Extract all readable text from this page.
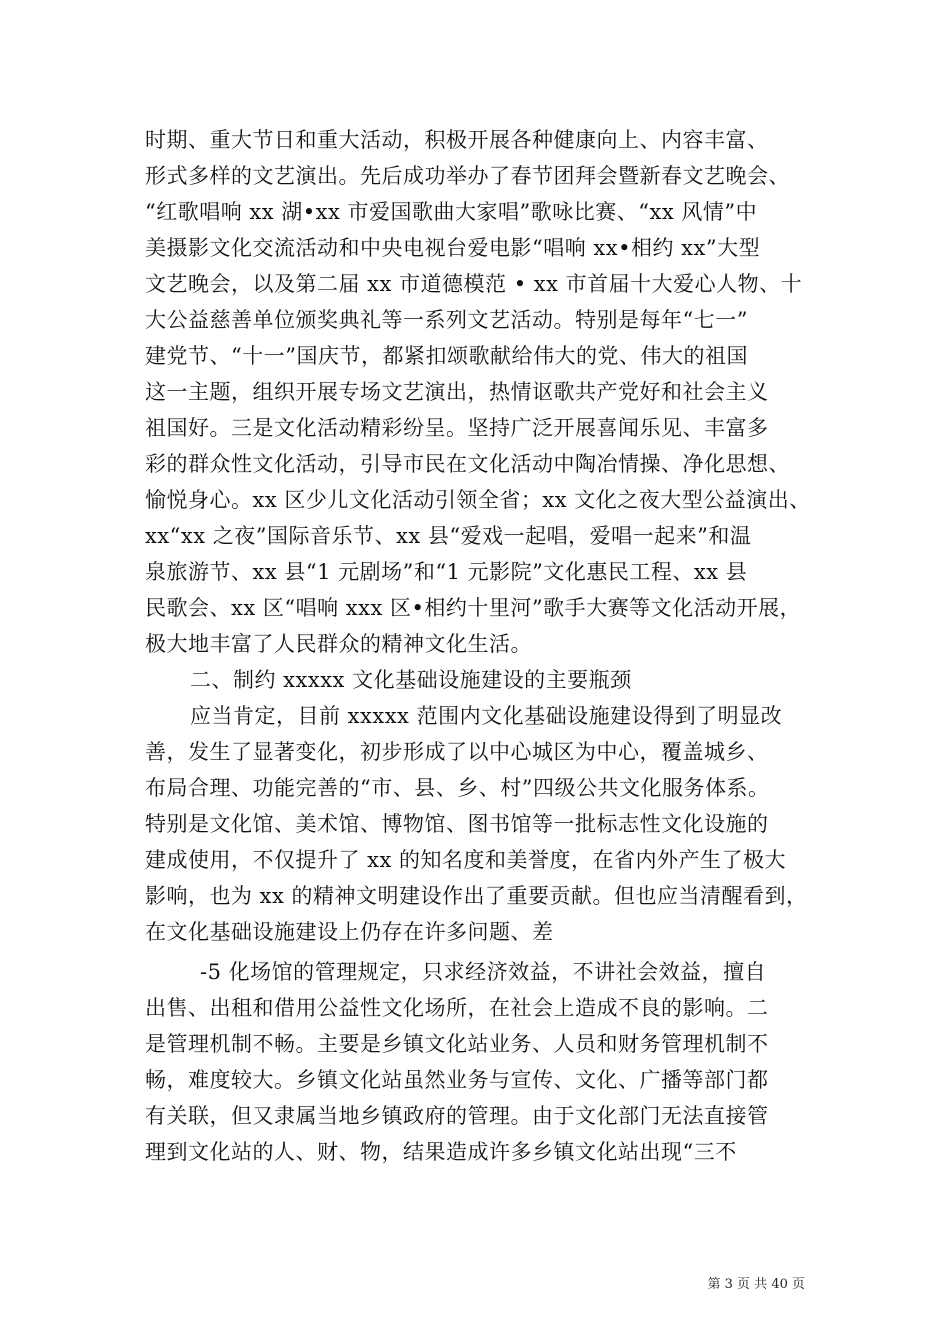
时期、重大节日和重大活动，积极开展各种健康向上、内容丰富、
形式多样的文艺演出。先后成功举办了春节团拜会暨新春文艺晚会、
“红歌唱响 xx 湖•xx 市爱国歌曲大家唱”歌咏比赛、“xx 风情”中
美摄影文化交流活动和中央电视台爱电影“唱响 xx•相约 xx”大型
文艺晚会，以及第二届 xx 市道德模范 • xx 市首届十大爱心人物、十
大公益慈善单位颁奖典礼等一系列文艺活动。特别是每年“七一”
建党节、“十一”国庆节，都紧扣颂歌献给伟大的党、伟大的祖国
这一主题，组织开展专场文艺演出，热情讴歌共产党好和社会主义
祖国好。三是文化活动精彩纷呈。坚持广泛开展喜闻乐见、丰富多
彩的群众性文化活动，引导市民在文化活动中陶冶情操、净化思想、
愉悦身心。xx 区少儿文化活动引领全省；xx 文化之夜大型公益演出、
xx“xx 之夜”国际音乐节、xx 县“爱戏一起唱，爱唱一起来”和温
泉旅游节、xx 县“1 元剧场”和“1 元影院”文化惠民工程、xx 县
民歌会、xx 区“唱响 xxx 区•相约十里河”歌手大赛等文化活动开展，
极大地丰富了人民群众的精神文化生活。
二、制约 xxxxx 文化基础设施建设的主要瓶颈
应当肯定，目前 xxxxx 范围内文化基础设施建设得到了明显改
善，发生了显著变化，初步形成了以中心城区为中心，覆盖城乡、
布局合理、功能完善的“市、县、乡、村”四级公共文化服务体系。
特别是文化馆、美术馆、博物馆、图书馆等一批标志性文化设施的
建成使用，不仅提升了 xx 的知名度和美誉度，在省内外产生了极大
影响，也为 xx 的精神文明建设作出了重要贡献。但也应当清醒看到，
在文化基础设施建设上仍存在许多问题、差
-5 化场馆的管理规定，只求经济效益，不讲社会效益，擅自
出售、出租和借用公益性文化场所，在社会上造成不良的影响。二
是管理机制不畅。主要是乡镇文化站业务、人员和财务管理机制不
畅，难度较大。乡镇文化站虽然业务与宣传、文化、广播等部门都
有关联，但又隶属当地乡镇政府的管理。由于文化部门无法直接管
理到文化站的人、财、物，结果造成许多乡镇文化站出现“三不
第 3 页 共 40 页
